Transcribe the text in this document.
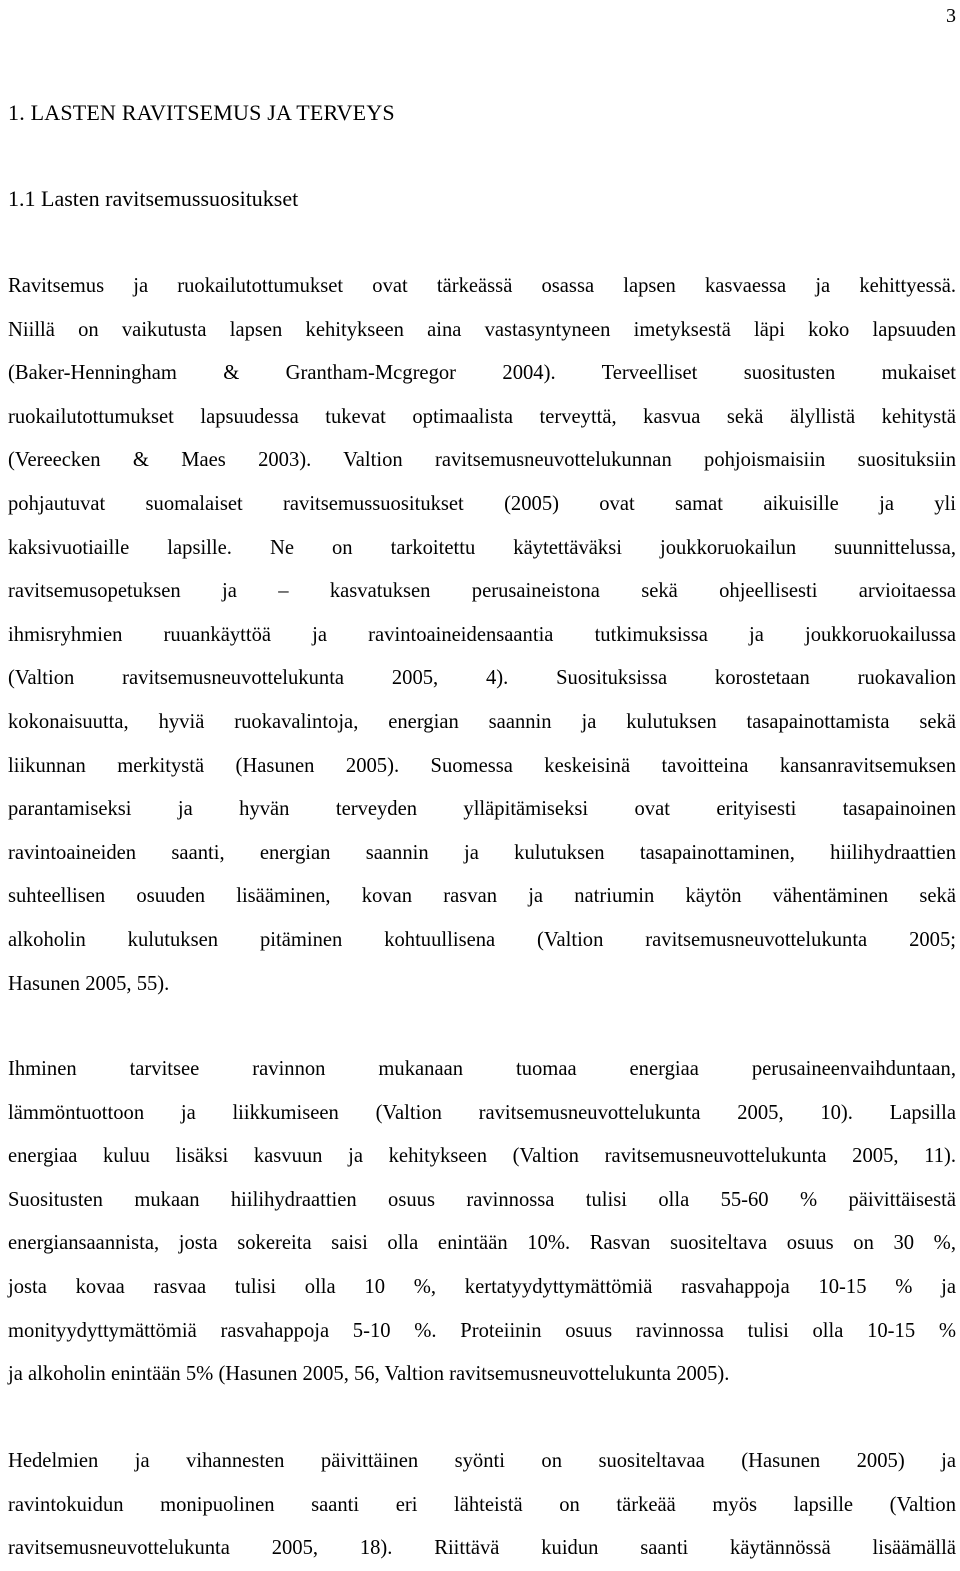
3
1. LASTEN RAVITSEMUS JA TERVEYS
1.1 Lasten ravitsemussuositukset
Ravitsemus ja ruokailutottumukset ovat tärkeässä osassa lapsen kasvaessa ja kehittyessä.
Niillä on vaikutusta lapsen kehitykseen aina vastasyntyneen imetyksestä läpi koko lapsuuden
(Baker-Henningham & Grantham-Mcgregor 2004). Terveelliset suositusten mukaiset
ruokailutottumukset lapsuudessa tukevat optimaalista terveyttä, kasvua sekä älyllistä kehitystä
(Vereecken & Maes 2003). Valtion ravitsemusneuvottelukunnan pohjoismaisiin suosituksiin
pohjautuvat suomalaiset ravitsemussuositukset (2005) ovat samat aikuisille ja yli
kaksivuotiaille lapsille. Ne on tarkoitettu käytettäväksi joukkoruokailun suunnittelussa,
ravitsemusopetuksen ja – kasvatuksen perusaineistona sekä ohjeellisesti arvioitaessa
ihmisryhmien ruuankäyttöä ja ravintoaineidensaantia tutkimuksissa ja joukkoruokailussa
(Valtion ravitsemusneuvottelukunta 2005, 4). Suosituksissa korostetaan ruokavalion
kokonaisuutta, hyviä ruokavalintoja, energian saannin ja kulutuksen tasapainottamista sekä
liikunnan merkitystä (Hasunen 2005). Suomessa keskeisinä tavoitteina kansanravitsemuksen
parantamiseksi ja hyvän terveyden ylläpitämiseksi ovat erityisesti tasapainoinen
ravintoaineiden saanti, energian saannin ja kulutuksen tasapainottaminen, hiilihydraattien
suhteellisen osuuden lisääminen, kovan rasvan ja natriumin käytön vähentäminen sekä
alkoholin kulutuksen pitäminen kohtuullisena (Valtion ravitsemusneuvottelukunta 2005;
Hasunen 2005, 55).
Ihminen tarvitsee ravinnon mukanaan tuomaa energiaa perusaineenvaihduntaan,
lämmöntuottoon ja liikkumiseen (Valtion ravitsemusneuvottelukunta 2005, 10). Lapsilla
energiaa kuluu lisäksi kasvuun ja kehitykseen (Valtion ravitsemusneuvottelukunta 2005, 11).
Suositusten mukaan hiilihydraattien osuus ravinnossa tulisi olla 55-60 % päivittäisestä
energiansaannista, josta sokereita saisi olla enintään 10%. Rasvan suositeltava osuus on 30 %,
josta kovaa rasvaa tulisi olla 10 %, kertatyydyttymättömiä rasvahappoja 10-15 % ja
monityydyttymättömiä rasvahappoja 5-10 %. Proteiinin osuus ravinnossa tulisi olla 10-15 %
ja alkoholin enintään 5% (Hasunen 2005, 56, Valtion ravitsemusneuvottelukunta 2005).
Hedelmien ja vihannesten päivittäinen syönti on suositeltavaa (Hasunen 2005) ja
ravintokuidun monipuolinen saanti eri lähteistä on tärkeää myös lapsille (Valtion
ravitsemusneuvottelukunta 2005, 18). Riittävä kuidun saanti käytännössä lisäämällä
